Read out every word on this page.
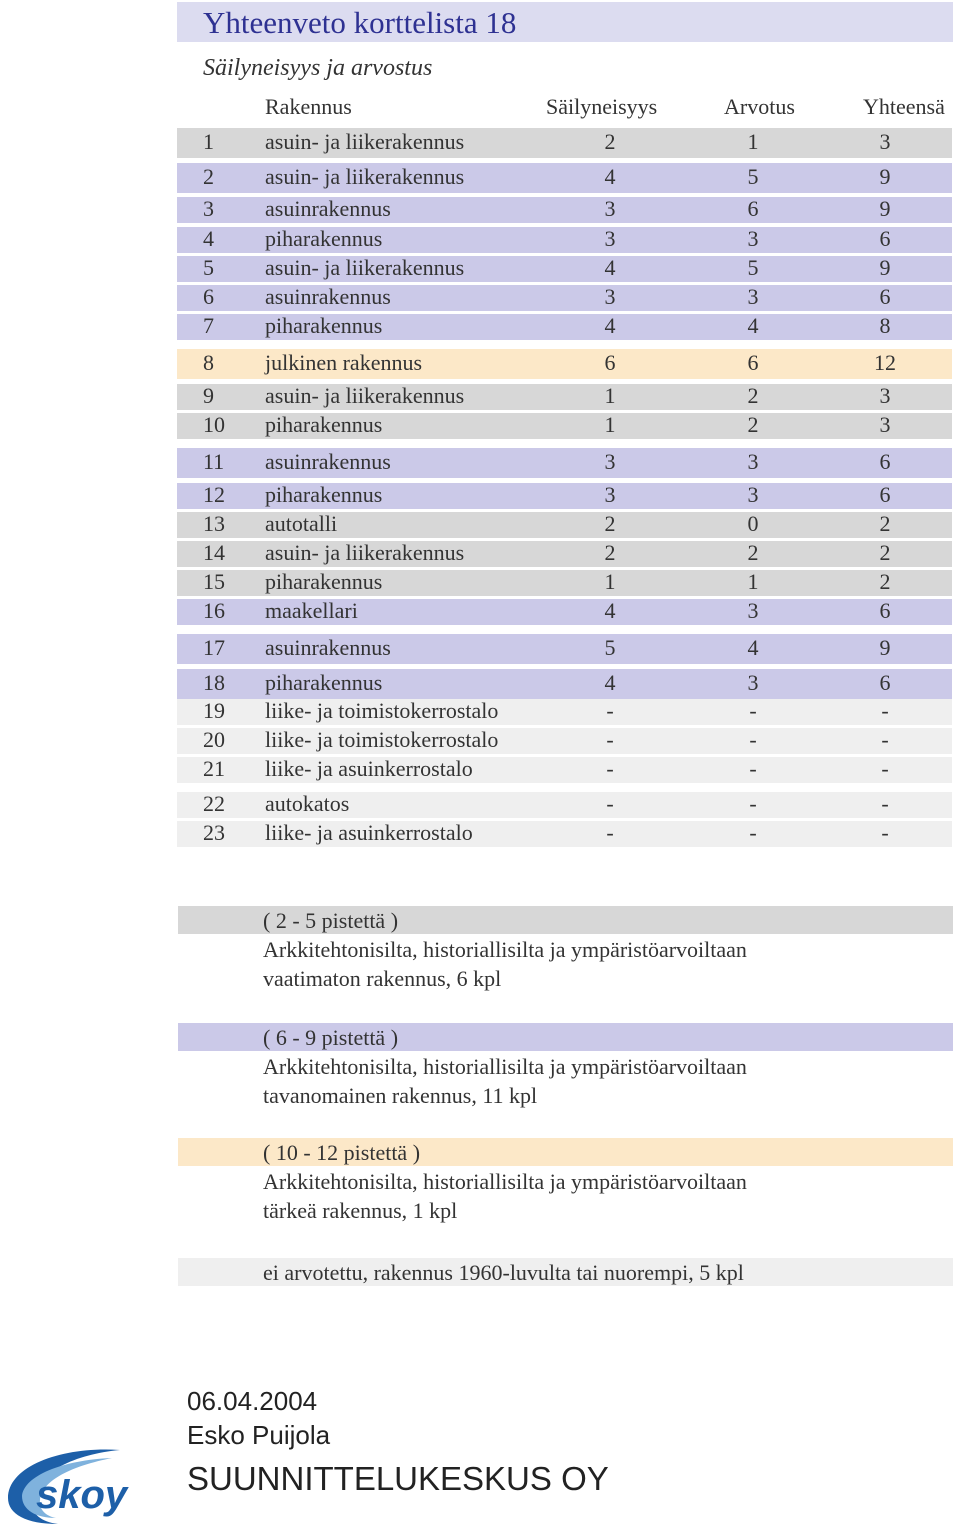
Yhteenveto korttelista 18
Säilyneisyys ja arvostus
Rakennus	Säilyneisyys	Arvotus	Yhteensä
1 asuin- ja liikerakennus	2	1	3
2 asuin- ja liikerakennus	4	5	9
3 asuinrakennus	3	6	9
4 piharakennus	3	3	6
5 asuin- ja liikerakennus	4	5	9
6 asuinrakennus	3	3	6
7 piharakennus	4	4	8
8 julkinen rakennus	6	6	12
9 asuin- ja liikerakennus	1	2	3
10 piharakennus	1	2	3
11 asuinrakennus	3	3	6
12 piharakennus	3	3	6
13 autotalli	2	0	2
14 asuin- ja liikerakennus	2	2	2
15 piharakennus	1	1	2
16 maakellari	4	3	6
17 asuinrakennus	5	4	9
18 piharakennus	4	3	6
19 liike- ja toimistokerrostalo	-	-	-
20 liike- ja toimistokerrostalo	-	-	-
21 liike- ja asuinkerrostalo	-	-	-
22 autokatos	-	-	-
23 liike- ja asuinkerrostalo	-	-	-
( 2 - 5 pistettä )
Arkkitehtonisilta, historiallisilta ja ympäristöarvoiltaan
vaatimaton rakennus, 6 kpl
( 6 - 9 pistettä )
Arkkitehtonisilta, historiallisilta ja ympäristöarvoiltaan
tavanomainen rakennus, 11 kpl
( 10 - 12 pistettä )
Arkkitehtonisilta, historiallisilta ja ympäristöarvoiltaan
tärkeä rakennus, 1 kpl
ei arvotettu, rakennus 1960-luvulta tai nuorempi, 5 kpl
06.04.2004
Esko Puijola
SUUNNITTELUKESKUS OY
skoy
